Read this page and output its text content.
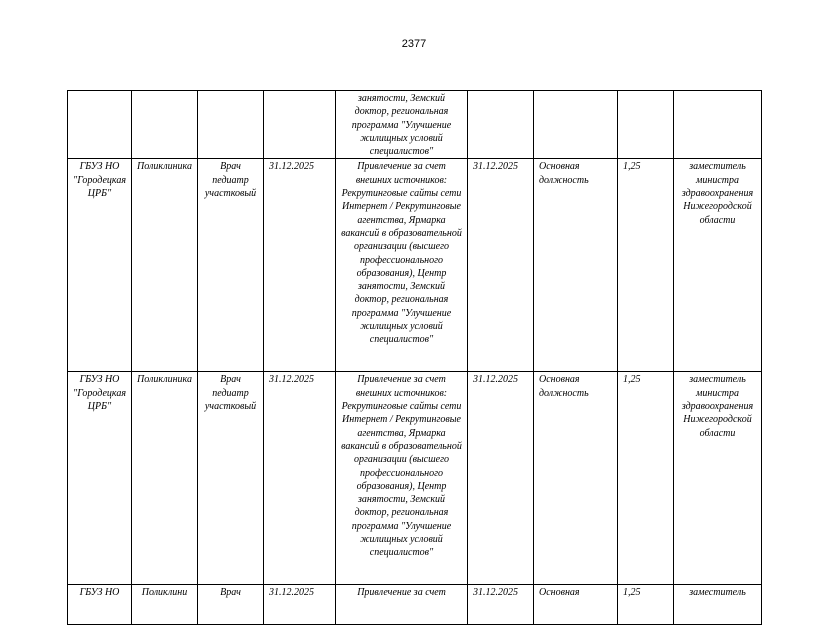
2377
				занятости, Земский доктор, региональная программа "Улучшение жилищных условий специалистов"				
ГБУЗ НО "Городецкая ЦРБ"	Поликлиника	Врач педиатр участковый	31.12.2025	Привлечение за счет внешних источников: Рекрутинговые сайты сети Интернет / Рекрутинговые агентства, Ярмарка вакансий в образовательной организации (высшего профессионального образования), Центр занятости, Земский доктор, региональная программа "Улучшение жилищных условий специалистов"	31.12.2025	Основная должность	1,25	заместитель министра здравоохранения Нижегородской области
ГБУЗ НО "Городецкая ЦРБ"	Поликлиника	Врач педиатр участковый	31.12.2025	Привлечение за счет внешних источников: Рекрутинговые сайты сети Интернет / Рекрутинговые агентства, Ярмарка вакансий в образовательной организации (высшего профессионального образования), Центр занятости, Земский доктор, региональная программа "Улучшение жилищных условий специалистов"	31.12.2025	Основная должность	1,25	заместитель министра здравоохранения Нижегородской области
ГБУЗ НО	Поликлини	Врач	31.12.2025	Привлечение за счет	31.12.2025	Основная	1,25	заместитель
